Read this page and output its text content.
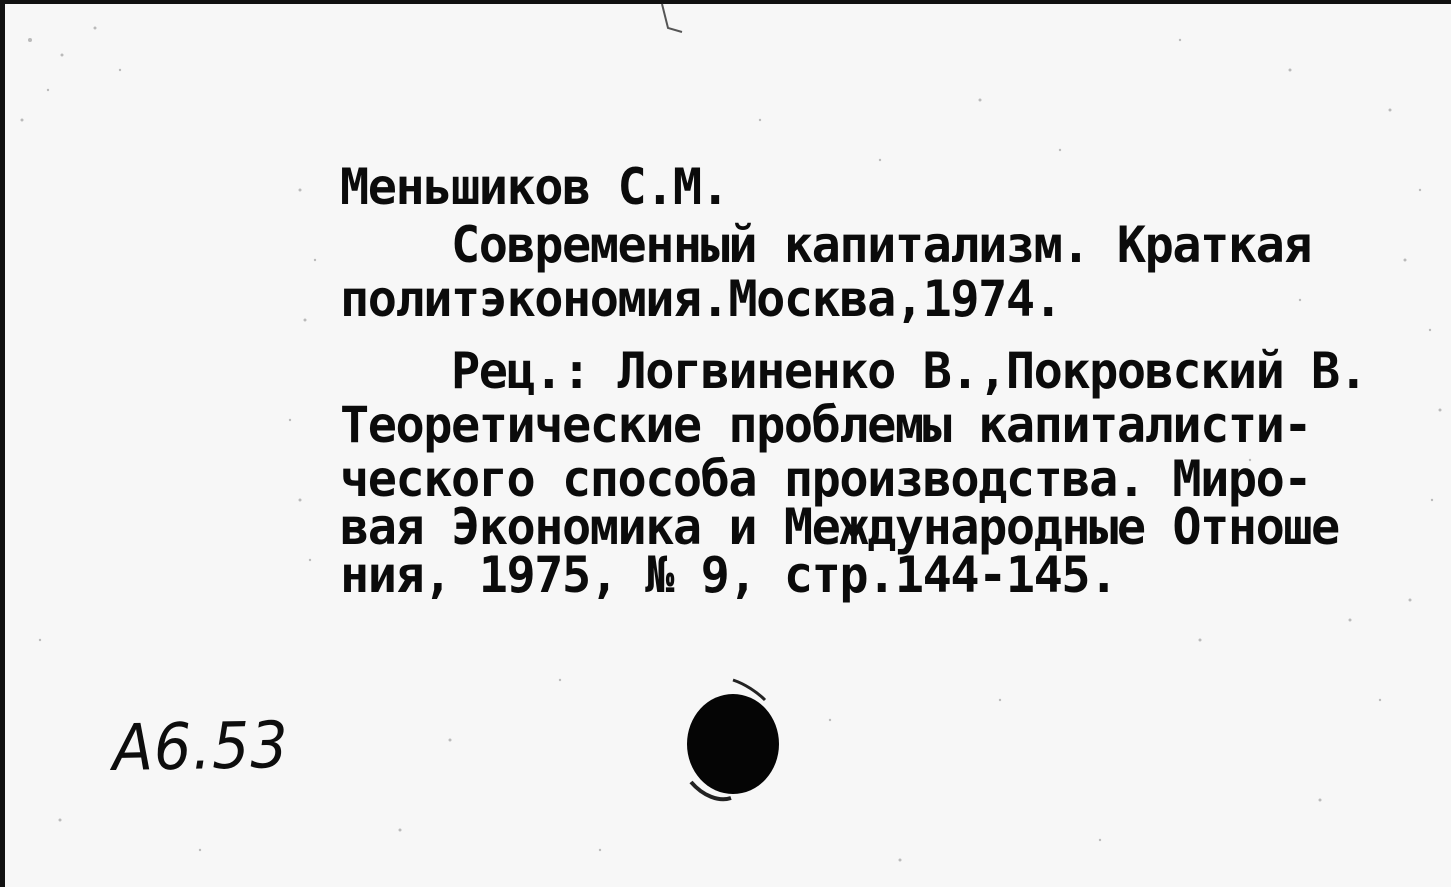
Меньшиков С.М.
Современный капитализм. Краткая
политэкономия.Москва,1974.
Рец.: Логвиненко В.,Покровский В.
Теоретические проблемы капиталисти-
ческого способа производства. Миро-
вая Экономика и Международные Отноше
ния, 1975, № 9, стр.144-145.
А6.53
